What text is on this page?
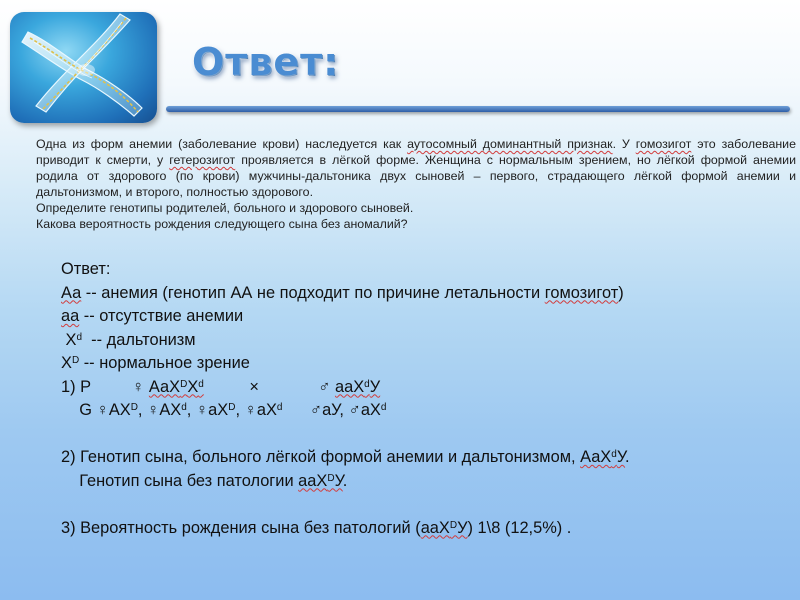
Ответ:

Одна из форм анемии (заболевание крови) наследуется как аутосомный доминантный признак. У гомозигот это заболевание приводит к смерти, у гетерозигот проявляется в лёгкой форме. Женщина с нормальным зрением, но лёгкой формой анемии родила от здорового (по крови) мужчины-дальтоника двух сыновей – первого, страдающего лёгкой формой анемии и дальтонизмом, и второго, полностью здорового.

Определите генотипы родителей, больного и здорового сыновей.

Какова вероятность рождения следующего сына без аномалий?

Ответ:
Аа -- анемия (генотип АА не подходит по причине летальности гомозигот)
аа -- отсутствие анемии
$X^d$  -- дальтонизм
$X^D$ -- нормальное зрение
1) Р         ♀ $АаХ^DХ^d$          ×             ♂ ааХ$^d$У
G $♀АХ^D$, $♀АХ^d$, $♀аХ^D$, $♀аХ^d$      ♂аУ, $♂аХ^d$
2) Генотип сына, больного лёгкой формой анемии и дальтонизмом, АаХ$^d$У.
Генотип сына без патологии ааХ$^D$У.
3) Вероятность рождения сына без патологий (ааХ$^D$У) 1\8 (12,5%) .
